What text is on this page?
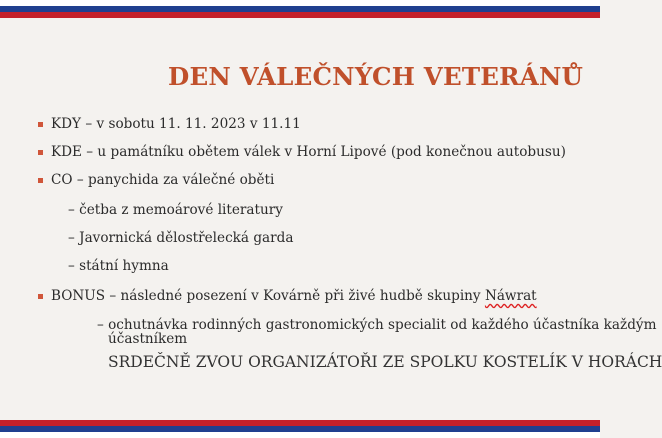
DEN VÁLEČNÝCH VETERÁNŮ
KDY – v sobotu 11. 11. 2023 v 11.11
KDE – u památníku obětem válek v Horní Lipové (pod konečnou autobusu)
CO – panychida za válečné oběti
– četba z memoárové literatury
– Javornická dělostřelecká garda
– státní hymna
BONUS – následné posezení v Kovárně při živé hudbě skupiny Náwrat
– ochutnávka rodinných gastronomických specialit od každého účastníka každým
účastníkem
SRDEČNĚ ZVOU ORGANIZÁTOŘI ZE SPOLKU KOSTELÍK V HORÁCH
